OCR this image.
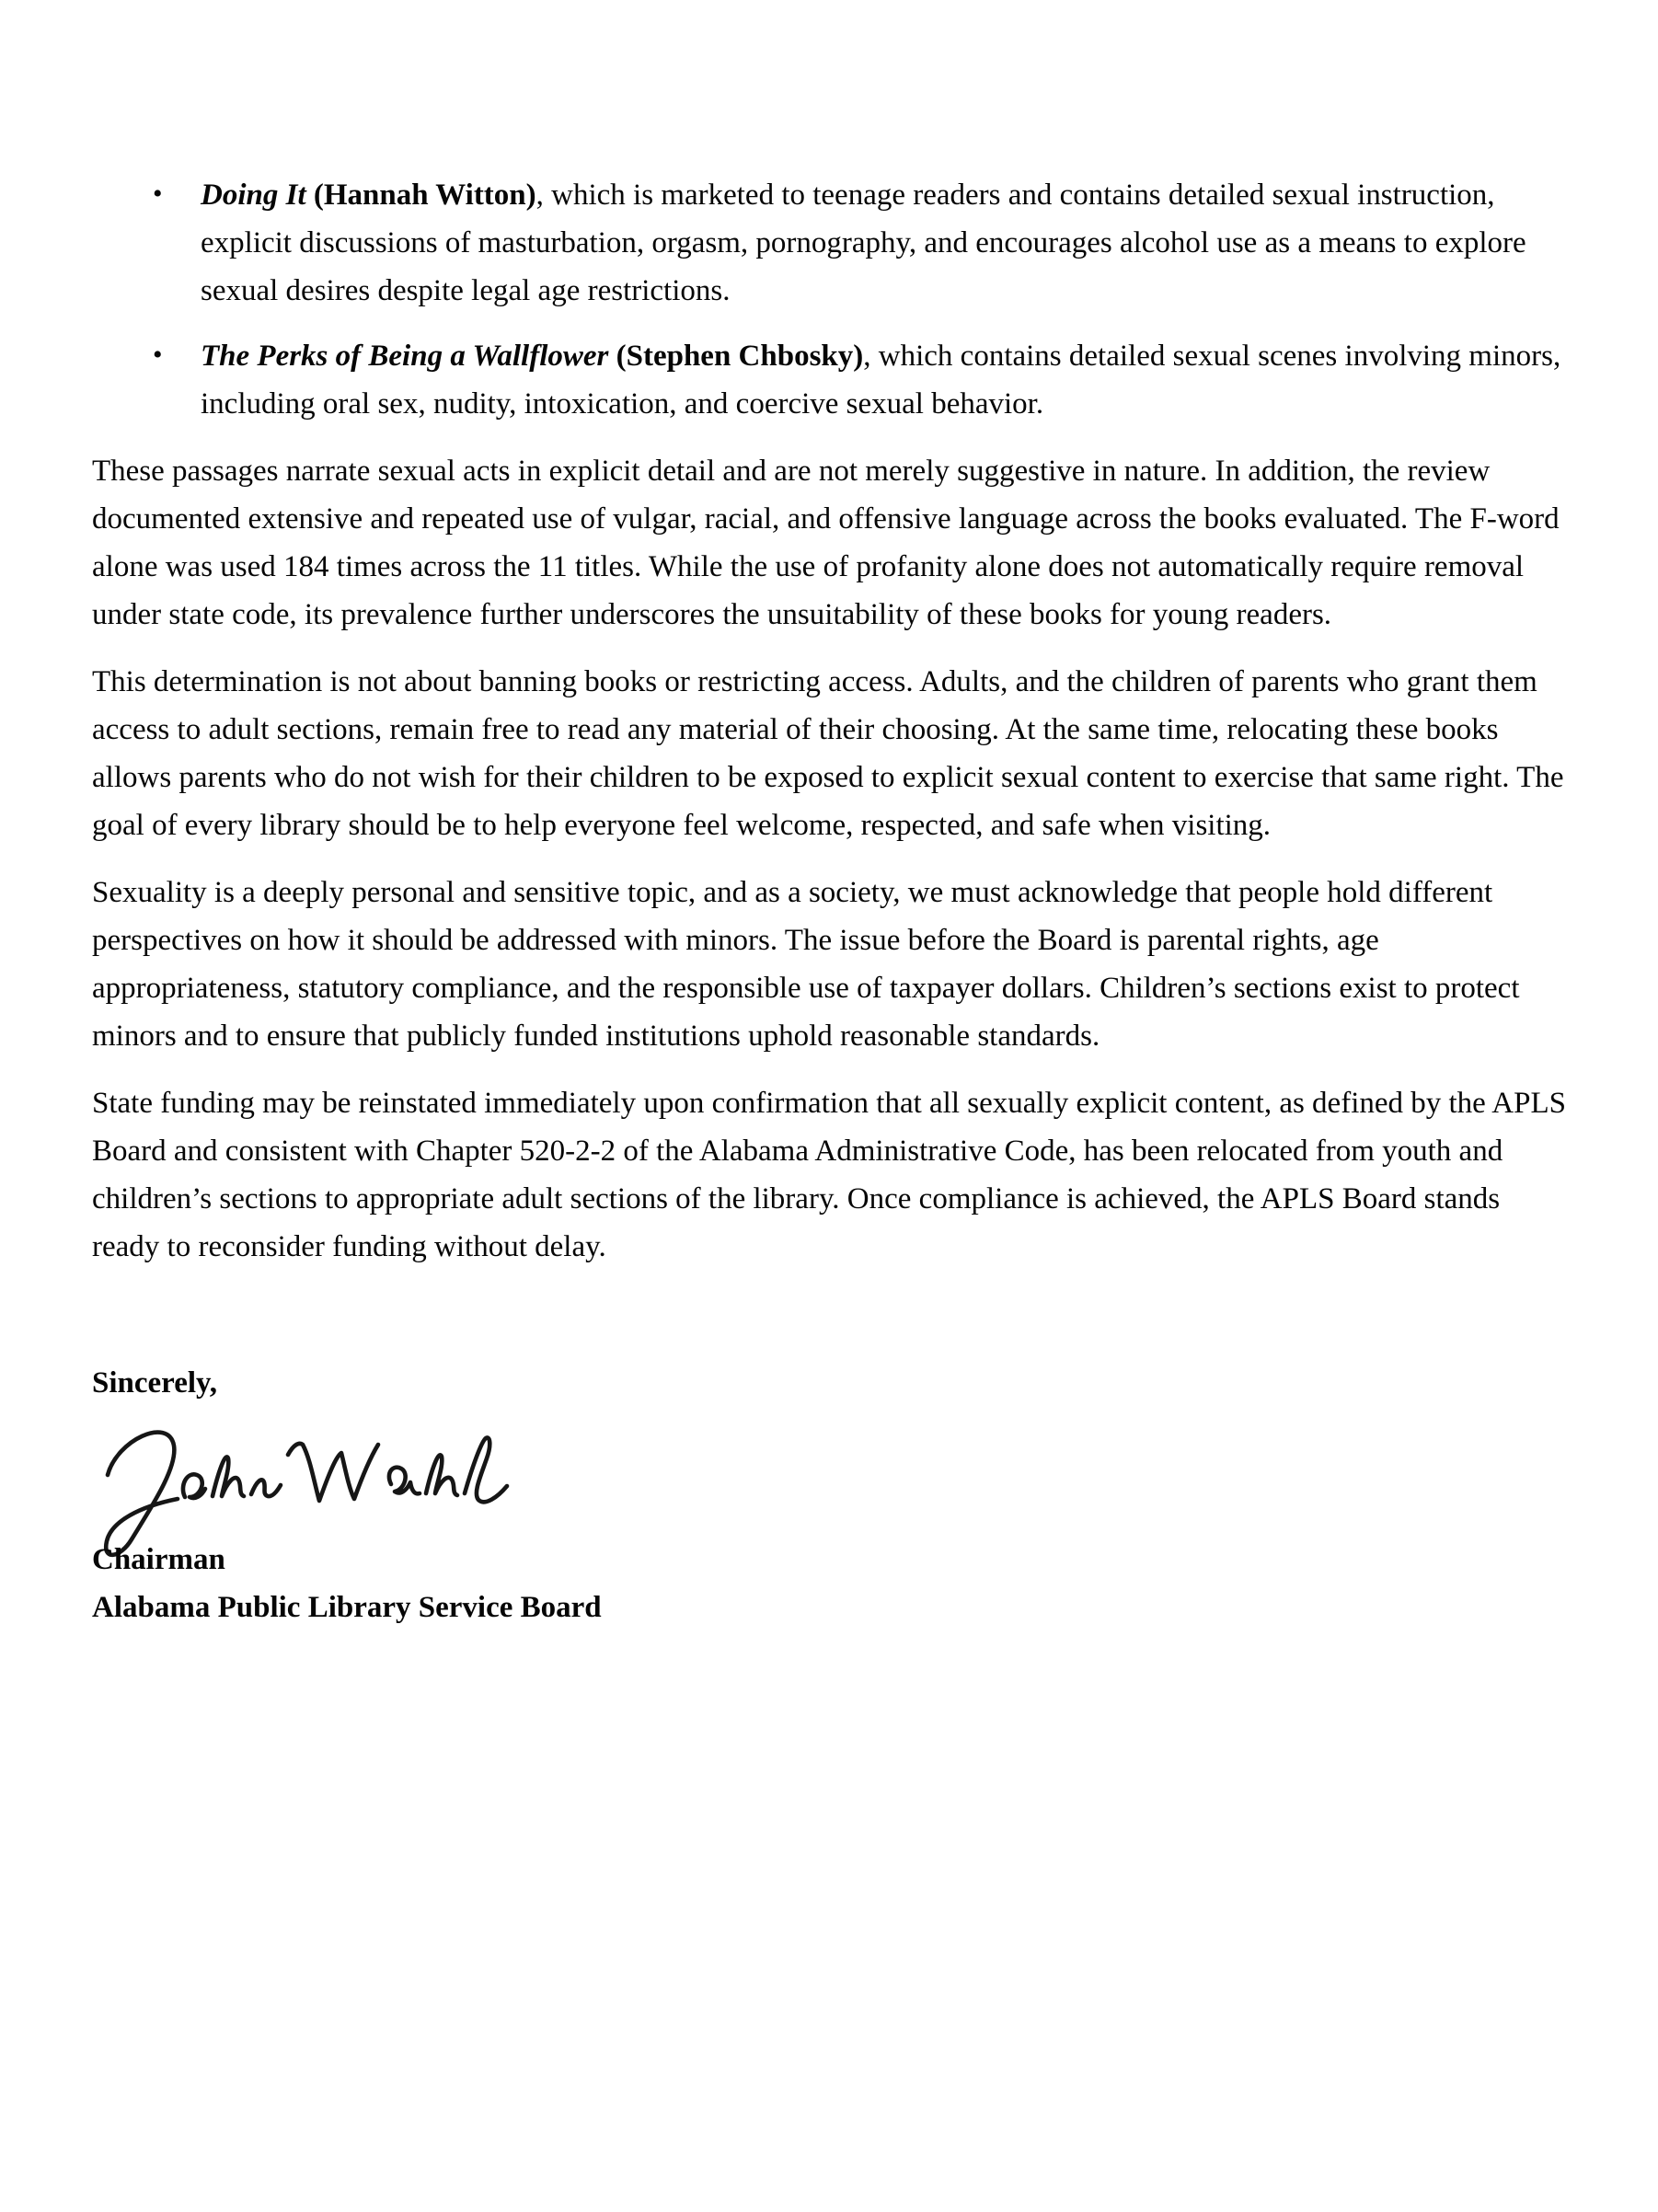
• Doing It (Hannah Witton), which is marketed to teenage readers and contains detailed sexual instruction, explicit discussions of masturbation, orgasm, pornography, and encourages alcohol use as a means to explore sexual desires despite legal age restrictions.
• The Perks of Being a Wallflower (Stephen Chbosky), which contains detailed sexual scenes involving minors, including oral sex, nudity, intoxication, and coercive sexual behavior.

These passages narrate sexual acts in explicit detail and are not merely suggestive in nature. In addition, the review documented extensive and repeated use of vulgar, racial, and offensive language across the books evaluated. The F-word alone was used 184 times across the 11 titles. While the use of profanity alone does not automatically require removal under state code, its prevalence further underscores the unsuitability of these books for young readers.

This determination is not about banning books or restricting access. Adults, and the children of parents who grant them access to adult sections, remain free to read any material of their choosing. At the same time, relocating these books allows parents who do not wish for their children to be exposed to explicit sexual content to exercise that same right. The goal of every library should be to help everyone feel welcome, respected, and safe when visiting.

Sexuality is a deeply personal and sensitive topic, and as a society, we must acknowledge that people hold different perspectives on how it should be addressed with minors. The issue before the Board is parental rights, age appropriateness, statutory compliance, and the responsible use of taxpayer dollars. Children’s sections exist to protect minors and to ensure that publicly funded institutions uphold reasonable standards.

State funding may be reinstated immediately upon confirmation that all sexually explicit content, as defined by the APLS Board and consistent with Chapter 520-2-2 of the Alabama Administrative Code, has been relocated from youth and children’s sections to appropriate adult sections of the library. Once compliance is achieved, the APLS Board stands ready to reconsider funding without delay.

Sincerely,

Chairman

Alabama Public Library Service Board
